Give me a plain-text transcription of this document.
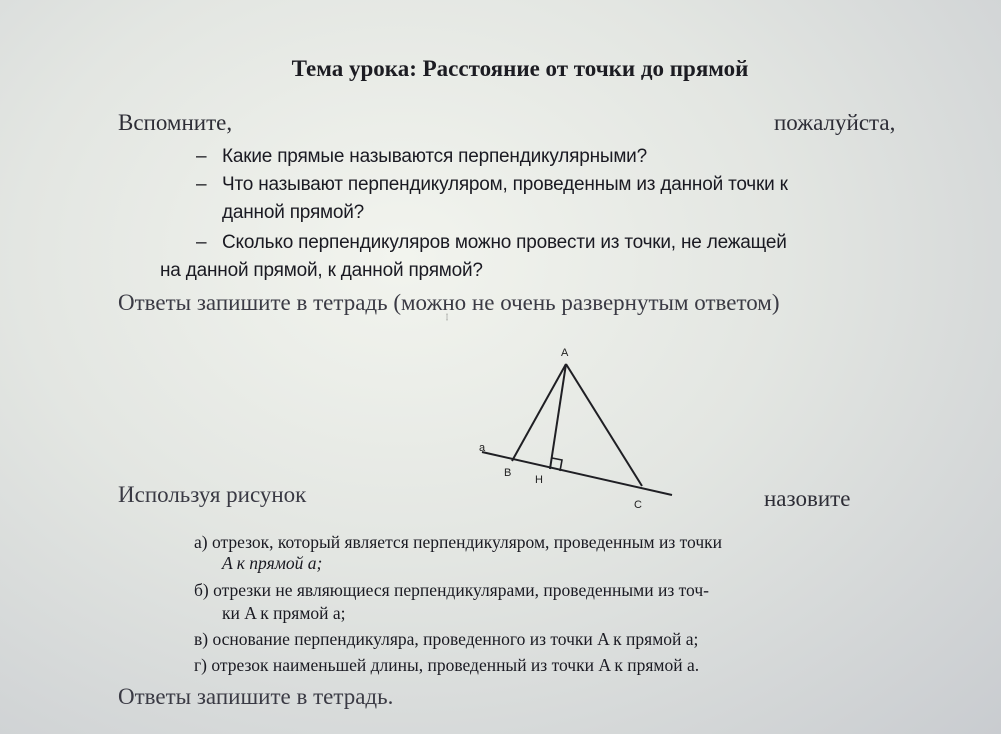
Тема урока: Расстояние от точки до прямой
Вспомните,	пожалуйста,
– Какие прямые называются перпендикулярными?
– Что называют перпендикуляром, проведенным из данной точки к
данной прямой?
– Сколько перпендикуляров можно провести из точки, не лежащей
на данной прямой, к данной прямой?
Ответы запишите в тетрадь (можно не очень развернутым ответом)
A
a
B
H
C
Используя рисунок	назовите
а) отрезок, который является перпендикуляром, проведенным из точки
A к прямой a;
б) отрезки не являющиеся перпендикулярами, проведенными из точ-
ки A к прямой a;
в) основание перпендикуляра, проведенного из точки A к прямой a;
г) отрезок наименьшей длины, проведенный из точки A к прямой a.
Ответы запишите в тетрадь.
